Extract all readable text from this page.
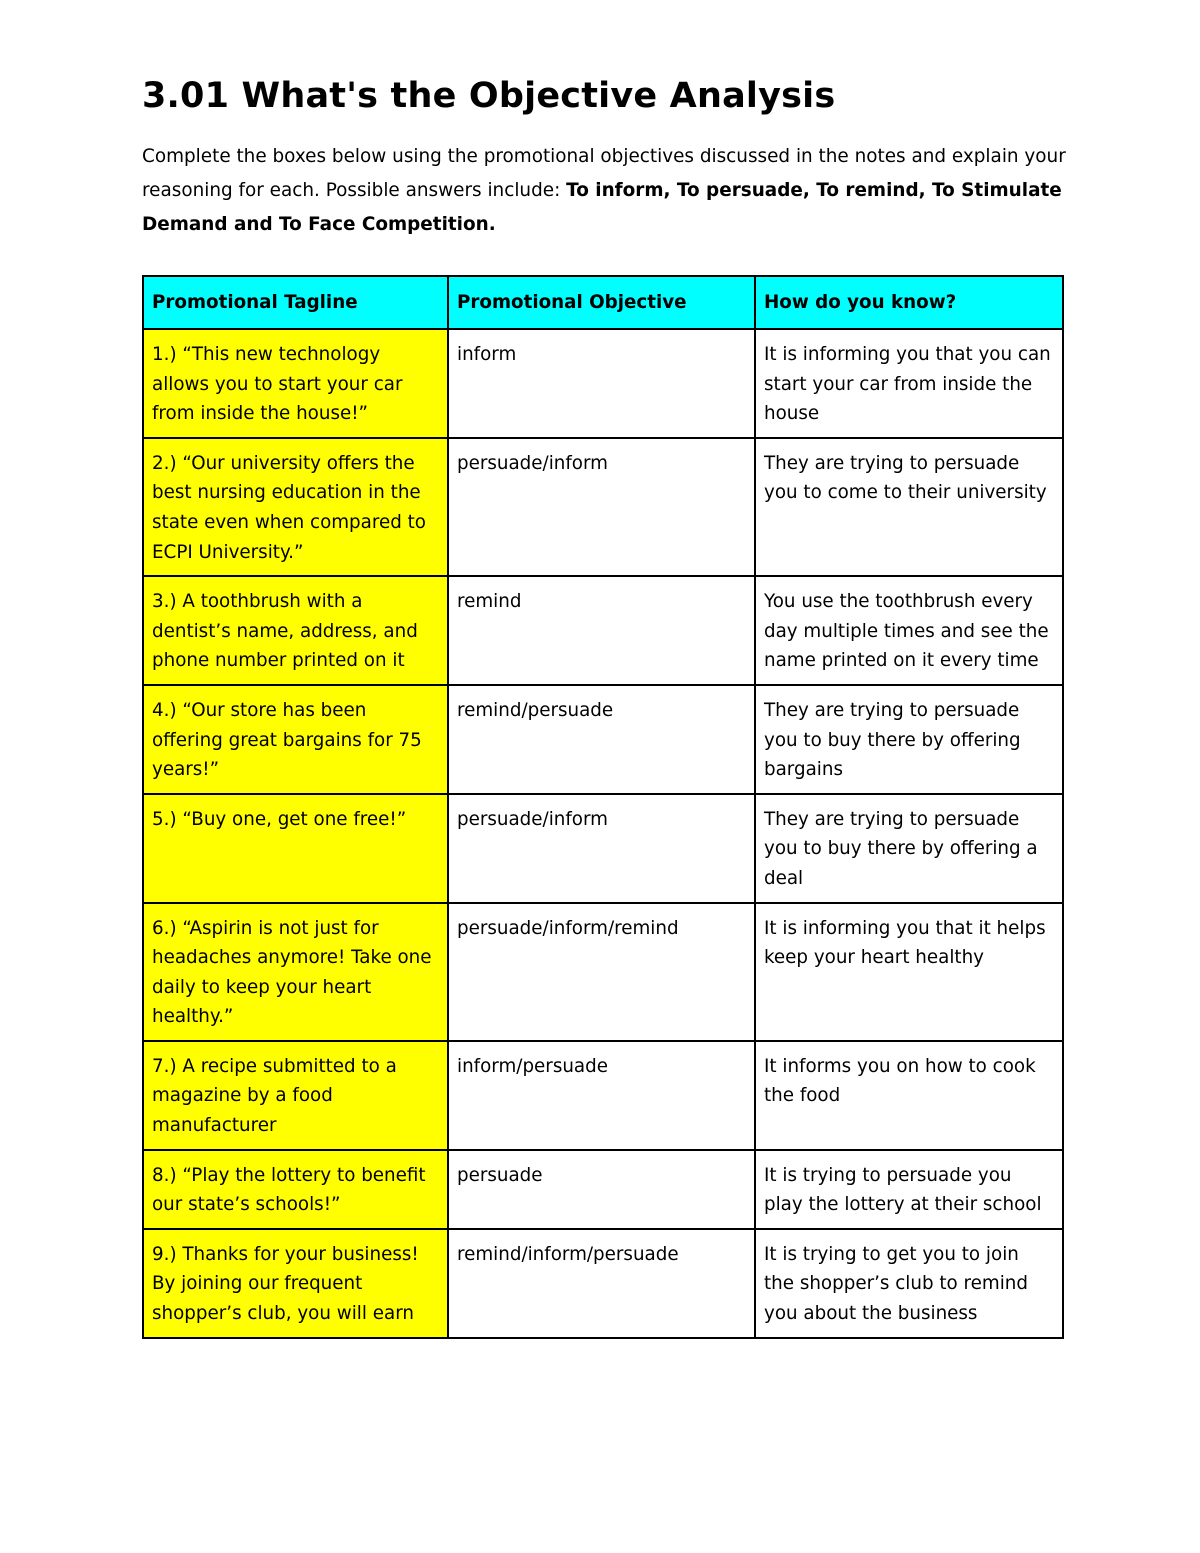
3.01 What's the Objective Analysis

Complete the boxes below using the promotional objectives discussed in the notes and explain your reasoning for each. Possible answers include: To inform, To persuade, To remind, To Stimulate Demand and To Face Competition.

Promotional Tagline	Promotional Objective	How do you know?
1.) “This new technology allows you to start your car from inside the house!”	inform	It is informing you that you can start your car from inside the house
2.) “Our university offers the best nursing education in the state even when compared to ECPI University.”	persuade/inform	They are trying to persuade you to come to their university
3.) A toothbrush with a dentist’s name, address, and phone number printed on it	remind	You use the toothbrush every day multiple times and see the name printed on it every time
4.) “Our store has been offering great bargains for 75 years!”	remind/persuade	They are trying to persuade you to buy there by offering bargains
5.) “Buy one, get one free!”	persuade/inform	They are trying to persuade you to buy there by offering a deal
6.) “Aspirin is not just for headaches anymore! Take one daily to keep your heart healthy.”	persuade/inform/remind	It is informing you that it helps keep your heart healthy
7.) A recipe submitted to a magazine by a food manufacturer	inform/persuade	It informs you on how to cook the food
8.) “Play the lottery to benefit our state’s schools!”	persuade	It is trying to persuade you play the lottery at their school

9.) Thanks for your business! By joining our frequent shopper’s club, you will earn	remind/inform/persuade	It is trying to get you to join the shopper’s club to remind you about the business
